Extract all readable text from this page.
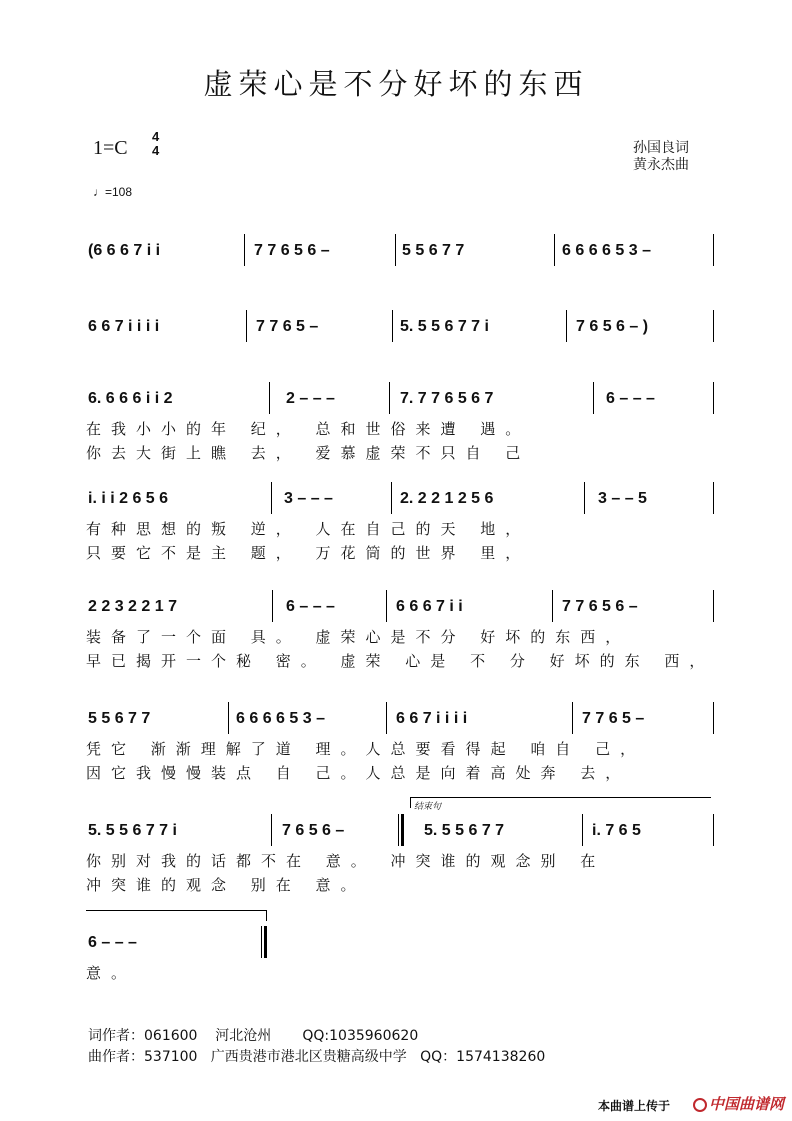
虚荣心是不分好坏的东西
1=C
4
4
♩=108
孙国良词
黄永杰曲
(6 6 6 7 i i	7 7 6 5 6 –	5 5 6 7 7	6 6 6 6 5 3 –
6 6 7 i i i i	7 7 6 5 –	5. 5 5 6 7 7 i	7 6 5 6 – )
6. 6 6 6 i i 2	2 – – –	7. 7 7 6 5 6 7	6 – – –
在我小小的年 纪， 总和世俗来遭 遇。
你去大街上瞧 去， 爱慕虚荣不只自 己
i. i i 2 6 5 6	3 – – –	2. 2 2 1 2 5 6	3 – – 5
有种思想的叛 逆， 人在自己的天 地，
只要它不是主 题， 万花筒的世界 里，
2 2 3 2 2 1 7	6 – – –	6 6 6 7 i i	7 7 6 5 6 –
装备了一个面 具。 虚荣心是不分 好坏的东西，
早已揭开一个秘 密。 虚荣 心是 不 分 好坏的东 西，
5 5 6 7 7	6 6 6 6 5 3 –	6 6 7 i i i i	7 7 6 5 –
凭它 渐渐理解了道 理。人总要看得起 咱自 己，
因它我慢慢装点 自 己。人总是向着高处奔 去，
结束句
5. 5 5 6 7 7 i	7 6 5 6 –	5. 5 5 6 7 7	i. 7 6 5
你别对我的话都不在 意。 冲突谁的观念别 在
冲突谁的观念 别在 意。
6 – – –
意。
词作者：061600    河北沧州       QQ:1035960620
曲作者：537100   广西贵港市港北区贵糖高级中学   QQ：1574138260
本曲谱上传于	中国曲谱网
